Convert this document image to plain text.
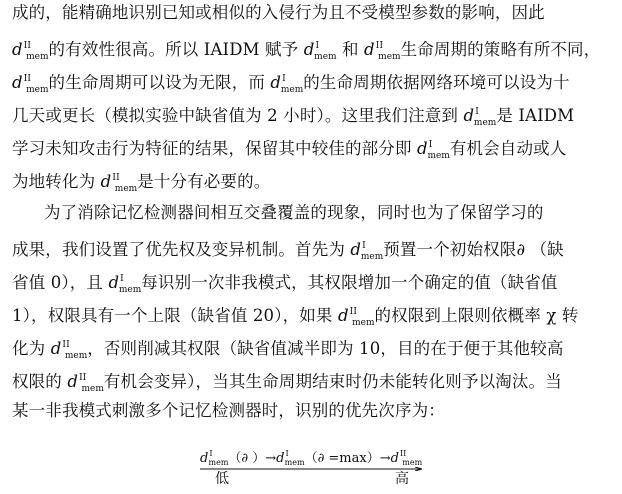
成的，能精确地识别已知或相似的入侵行为且不受模型参数的影响，因此
$d^{II}_{mem}$的有效性很高。所以 IAIDM 赋予 $d^I_{mem}$ 和 $d^{II}_{mem}$生命周期的策略有所不同，
$d^{II}_{mem}$的生命周期可以设为无限，而 $d^I_{mem}$的生命周期依据网络环境可以设为十
几天或更长（模拟实验中缺省值为 2 小时）。这里我们注意到 $d^I_{mem}$是 IAIDM
学习未知攻击行为特征的结果，保留其中较佳的部分即 $d^I_{mem}$有机会自动或人
为地转化为 $d^{II}_{mem}$是十分有必要的。
为了消除记忆检测器间相互交叠覆盖的现象，同时也为了保留学习的
成果，我们设置了优先权及变异机制。首先为 $d^I_{mem}$预置一个初始权限∂ （缺
省值 0），且 $d^I_{mem}$每识别一次非我模式，其权限增加一个确定的值（缺省值
1），权限具有一个上限（缺省值 20），如果 $d^{II}_{mem}$的权限到上限则依概率 χ 转
化为 $d^{II}_{mem}$，否则削减其权限（缺省值减半即为 10，目的在于便于其他较高
权限的 $d^{II}_{mem}$有机会变异），当其生命周期结束时仍未能转化则予以淘汰。当
某一非我模式刺激多个记忆检测器时，识别的优先次序为：
$d^I_{mem}(\partial$ ）$\to d^I_{mem}(\partial =\max)\to d^{II}_{mem}$
低	高
